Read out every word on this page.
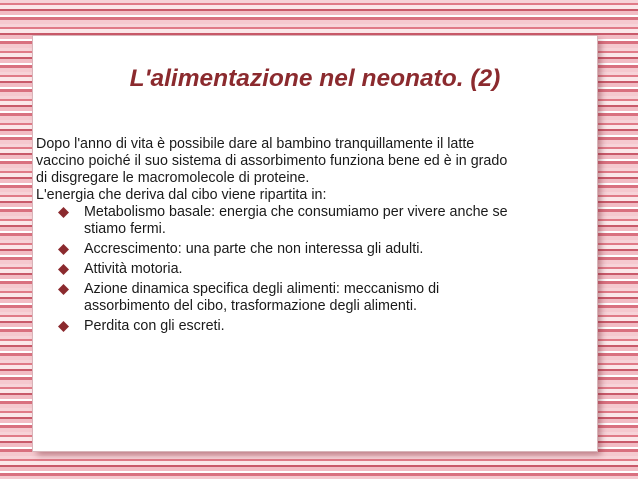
L'alimentazione nel neonato. (2)

Dopo l'anno di vita è possibile dare al bambino tranquillamente il latte
vaccino poiché il suo sistema di assorbimento funziona bene ed è in grado
di disgregare le macromolecole di proteine.
L'energia che deriva dal cibo viene ripartita in:

Metabolismo basale: energia che consumiamo per vivere anche se
stiamo fermi.
Accrescimento: una parte che non interessa gli adulti.
Attività motoria.
Azione dinamica specifica degli alimenti: meccanismo di
assorbimento del cibo, trasformazione degli alimenti.
Perdita con gli escreti.
